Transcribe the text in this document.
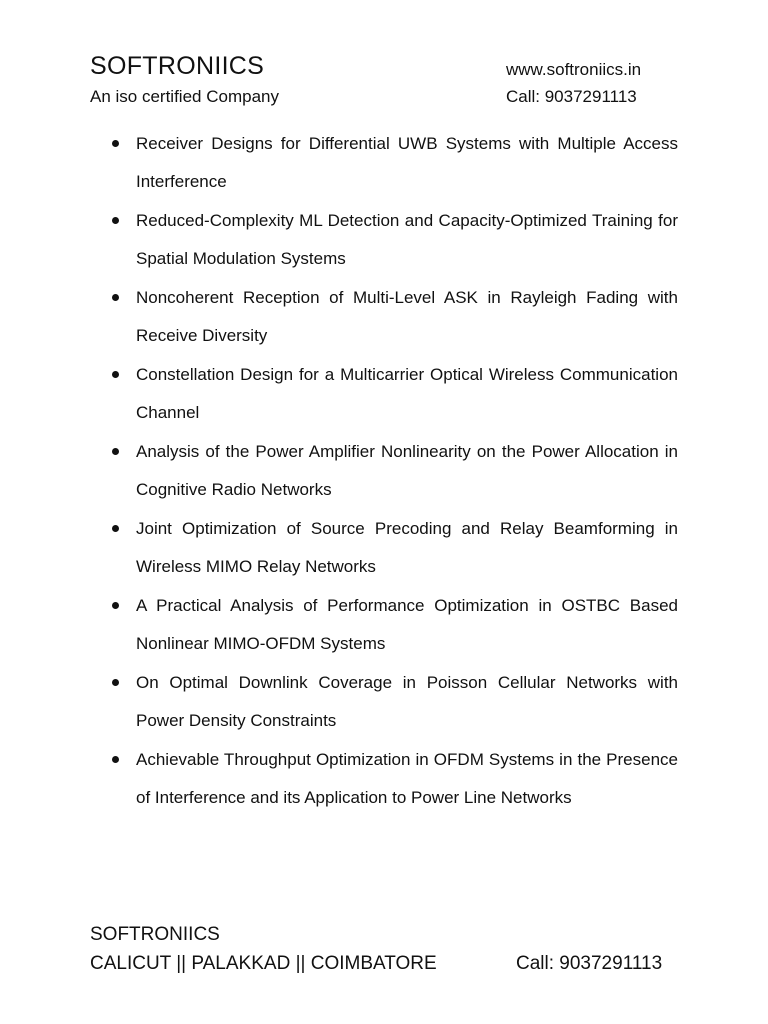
SOFTRONIICS
An iso certified Company
www.softroniics.in
Call: 9037291113
Receiver Designs for Differential UWB Systems with Multiple Access Interference
Reduced-Complexity ML Detection and Capacity-Optimized Training for Spatial Modulation Systems
Noncoherent Reception of Multi-Level ASK in Rayleigh Fading with Receive Diversity
Constellation Design for a Multicarrier Optical Wireless Communication Channel
Analysis of the Power Amplifier Nonlinearity on the Power Allocation in Cognitive Radio Networks
Joint Optimization of Source Precoding and Relay Beamforming in Wireless MIMO Relay Networks
A Practical Analysis of Performance Optimization in OSTBC Based Nonlinear MIMO-OFDM Systems
On Optimal Downlink Coverage in Poisson Cellular Networks with Power Density Constraints
Achievable Throughput Optimization in OFDM Systems in the Presence of Interference and its Application to Power Line Networks
SOFTRONIICS
CALICUT || PALAKKAD || COIMBATORE	Call: 9037291113
